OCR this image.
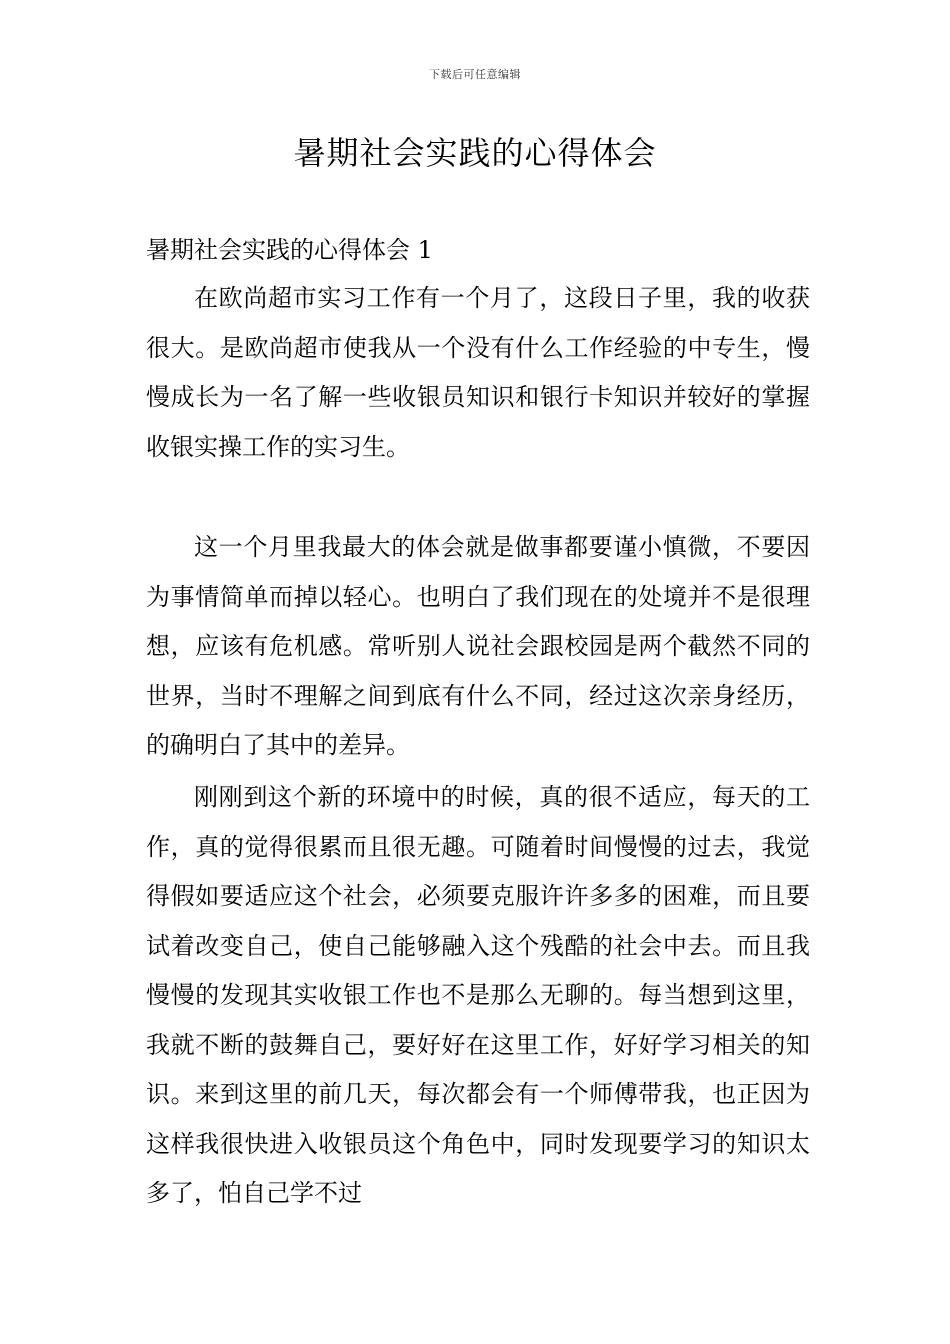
下载后可任意编辑
暑期社会实践的心得体会
暑期社会实践的心得体会 1

在欧尚超市实习工作有一个月了，这段日子里，我的收获很大。是欧尚超市使我从一个没有什么工作经验的中专生，慢慢成长为一名了解一些收银员知识和银行卡知识并较好的掌握收银实操工作的实习生。

这一个月里我最大的体会就是做事都要谨小慎微，不要因为事情简单而掉以轻心。也明白了我们现在的处境并不是很理想，应该有危机感。常听别人说社会跟校园是两个截然不同的世界，当时不理解之间到底有什么不同，经过这次亲身经历，的确明白了其中的差异。

刚刚到这个新的环境中的时候，真的很不适应，每天的工作，真的觉得很累而且很无趣。可随着时间慢慢的过去，我觉得假如要适应这个社会，必须要克服许许多多的困难，而且要试着改变自己，使自己能够融入这个残酷的社会中去。而且我慢慢的发现其实收银工作也不是那么无聊的。每当想到这里，我就不断的鼓舞自己，要好好在这里工作，好好学习相关的知识。来到这里的前几天，每次都会有一个师傅带我，也正因为这样我很快进入收银员这个角色中，同时发现要学习的知识太多了，怕自己学不过
